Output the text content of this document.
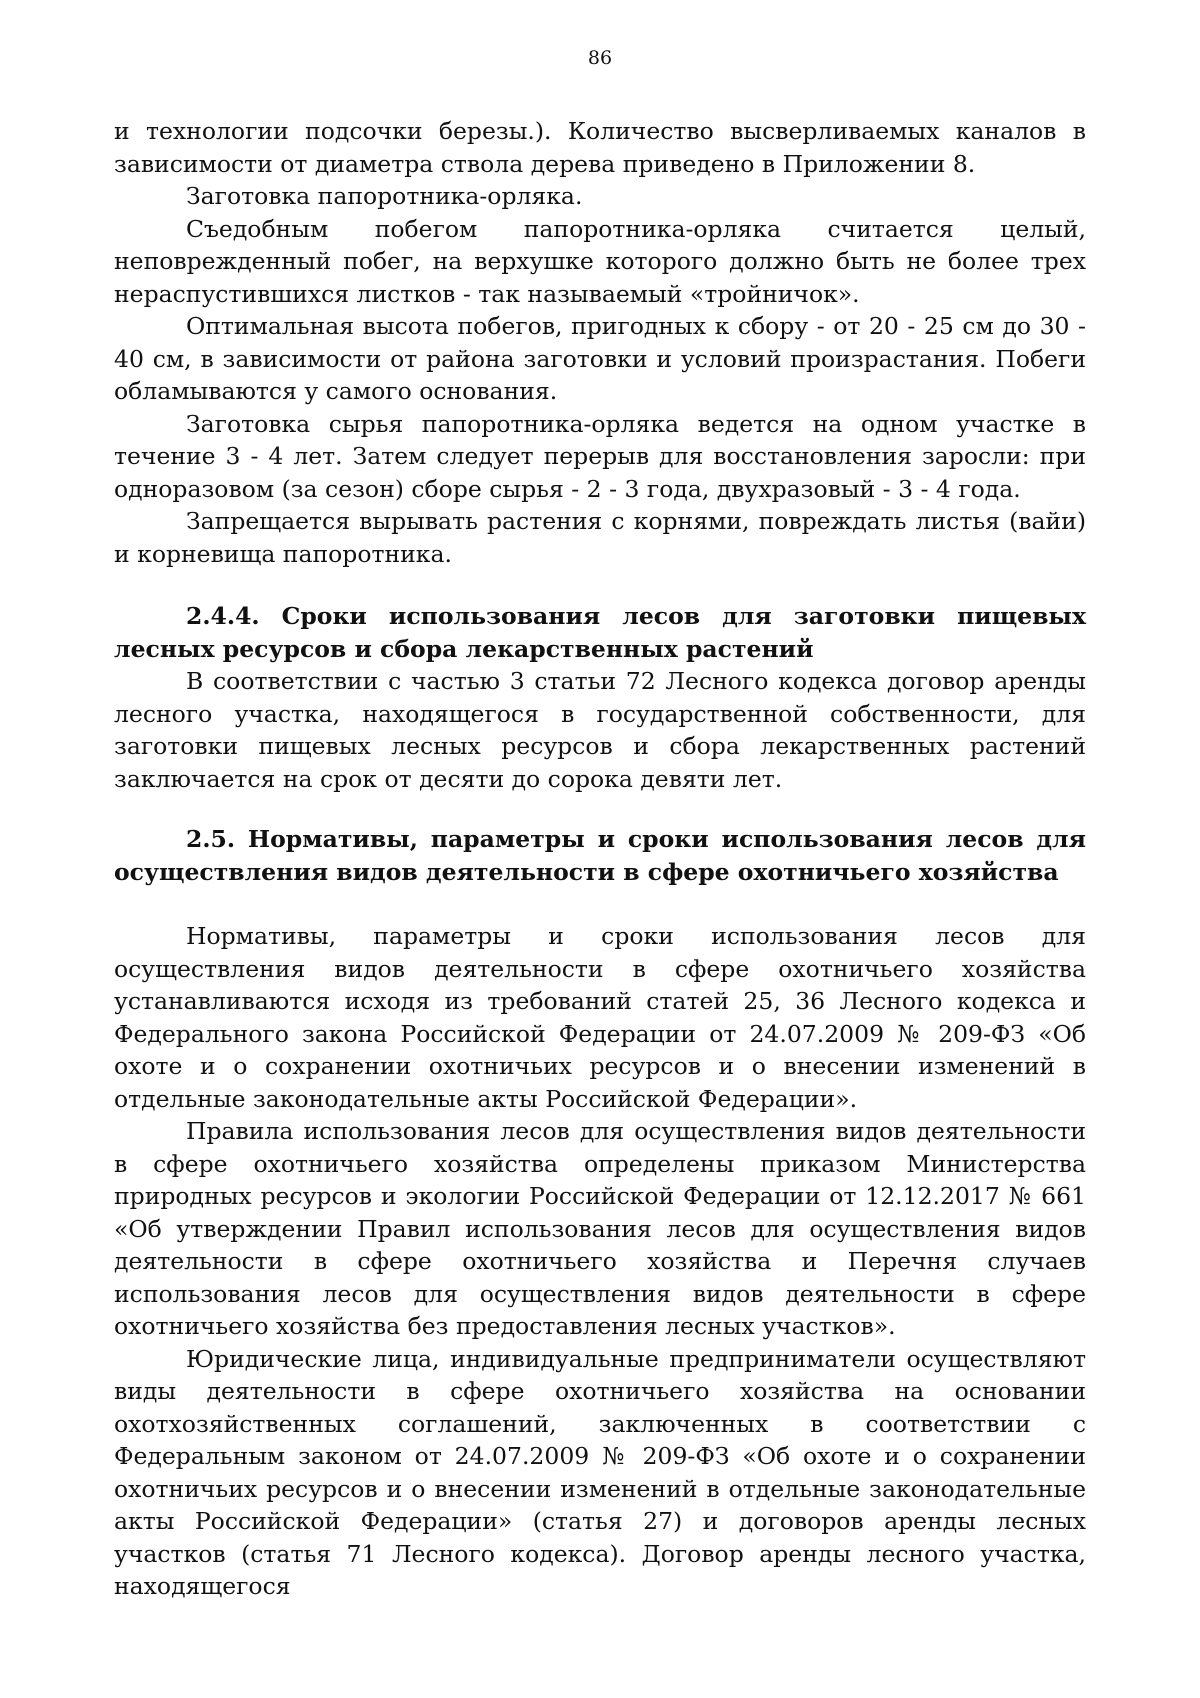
86

и технологии подсочки березы.). Количество высверливаемых каналов в зависимости от диаметра ствола дерева приведено в Приложении 8.

Заготовка папоротника-орляка.

Съедобным побегом папоротника-орляка считается целый, неповрежденный побег, на верхушке которого должно быть не более трех нераспустившихся листков - так называемый «тройничок».

Оптимальная высота побегов, пригодных к сбору - от 20 - 25 см до 30 - 40 см, в зависимости от района заготовки и условий произрастания. Побеги обламываются у самого основания.

Заготовка сырья папоротника-орляка ведется на одном участке в течение 3 - 4 лет. Затем следует перерыв для восстановления заросли: при одноразовом (за сезон) сборе сырья - 2 - 3 года, двухразовый - 3 - 4 года.

Запрещается вырывать растения с корнями, повреждать листья (вайи) и корневища папоротника.

2.4.4. Сроки использования лесов для заготовки пищевых лесных ресурсов и сбора лекарственных растений

В соответствии с частью 3 статьи 72 Лесного кодекса договор аренды лесного участка, находящегося в государственной собственности, для заготовки пищевых лесных ресурсов и сбора лекарственных растений заключается на срок от десяти до сорока девяти лет.

2.5. Нормативы, параметры и сроки использования лесов для осуществления видов деятельности в сфере охотничьего хозяйства

Нормативы, параметры и сроки использования лесов для осуществления видов деятельности в сфере охотничьего хозяйства устанавливаются исходя из требований статей 25, 36 Лесного кодекса и Федерального закона Российской Федерации от 24.07.2009 № 209-ФЗ «Об охоте и о сохранении охотничьих ресурсов и о внесении изменений в отдельные законодательные акты Российской Федерации».

Правила использования лесов для осуществления видов деятельности в сфере охотничьего хозяйства определены приказом Министерства природных ресурсов и экологии Российской Федерации от 12.12.2017 № 661 «Об утверждении Правил использования лесов для осуществления видов деятельности в сфере охотничьего хозяйства и Перечня случаев использования лесов для осуществления видов деятельности в сфере охотничьего хозяйства без предоставления лесных участков».

Юридические лица, индивидуальные предприниматели осуществляют виды деятельности в сфере охотничьего хозяйства на основании охотхозяйственных соглашений, заключенных в соответствии с Федеральным законом от 24.07.2009 № 209-ФЗ «Об охоте и о сохранении охотничьих ресурсов и о внесении изменений в отдельные законодательные акты Российской Федерации» (статья 27) и договоров аренды лесных участков (статья 71 Лесного кодекса). Договор аренды лесного участка, находящегося
